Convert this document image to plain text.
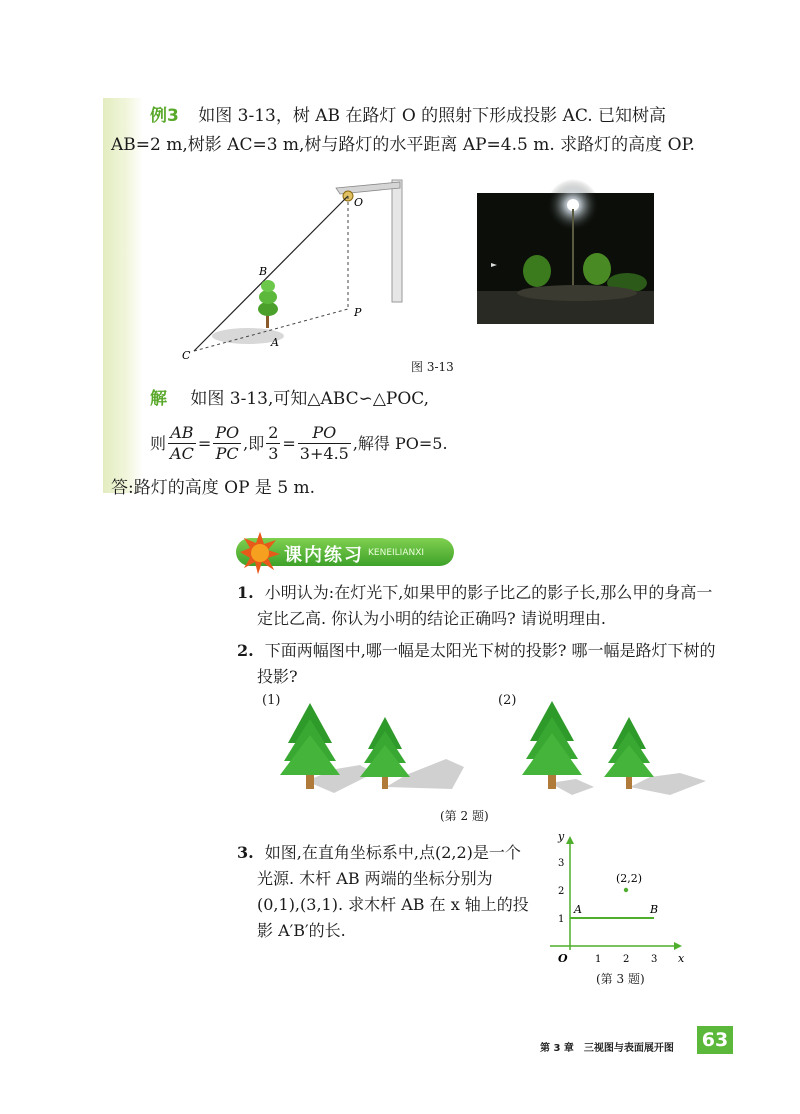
例3 如图 3-13，树 AB 在路灯 O 的照射下形成投影 AC. 已知树高
AB=2 m,树影 AC=3 m,树与路灯的水平距离 AP=4.5 m. 求路灯的高度 OP.
O
B
P
A
C
图 3-13
解 如图 3-13,可知△ABC∽△POC,
则 $\frac{AB}{AC} = \frac{PO}{PC}$ ,即 $\frac{2}{3} = \frac{PO}{3+4.5}$ ,解得 PO=5.
答:路灯的高度 OP 是 5 m.
课内练习 KENEILIANXI
1. 小明认为:在灯光下,如果甲的影子比乙的影子长,那么甲的身高一
定比乙高. 你认为小明的结论正确吗? 请说明理由.
2. 下面两幅图中,哪一幅是太阳光下树的投影? 哪一幅是路灯下树的
投影?
(1)	(2)
(第 2 题)
3. 如图,在直角坐标系中,点(2,2)是一个
光源. 木杆 AB 两端的坐标分别为
(0,1),(3,1). 求木杆 AB 在 x 轴上的投
影 A′B′的长.
x
y
O	1 2 3
1
2
3
A	B
(2,2)
(第 3 题)
第 3 章　三视图与表面展开图 63
